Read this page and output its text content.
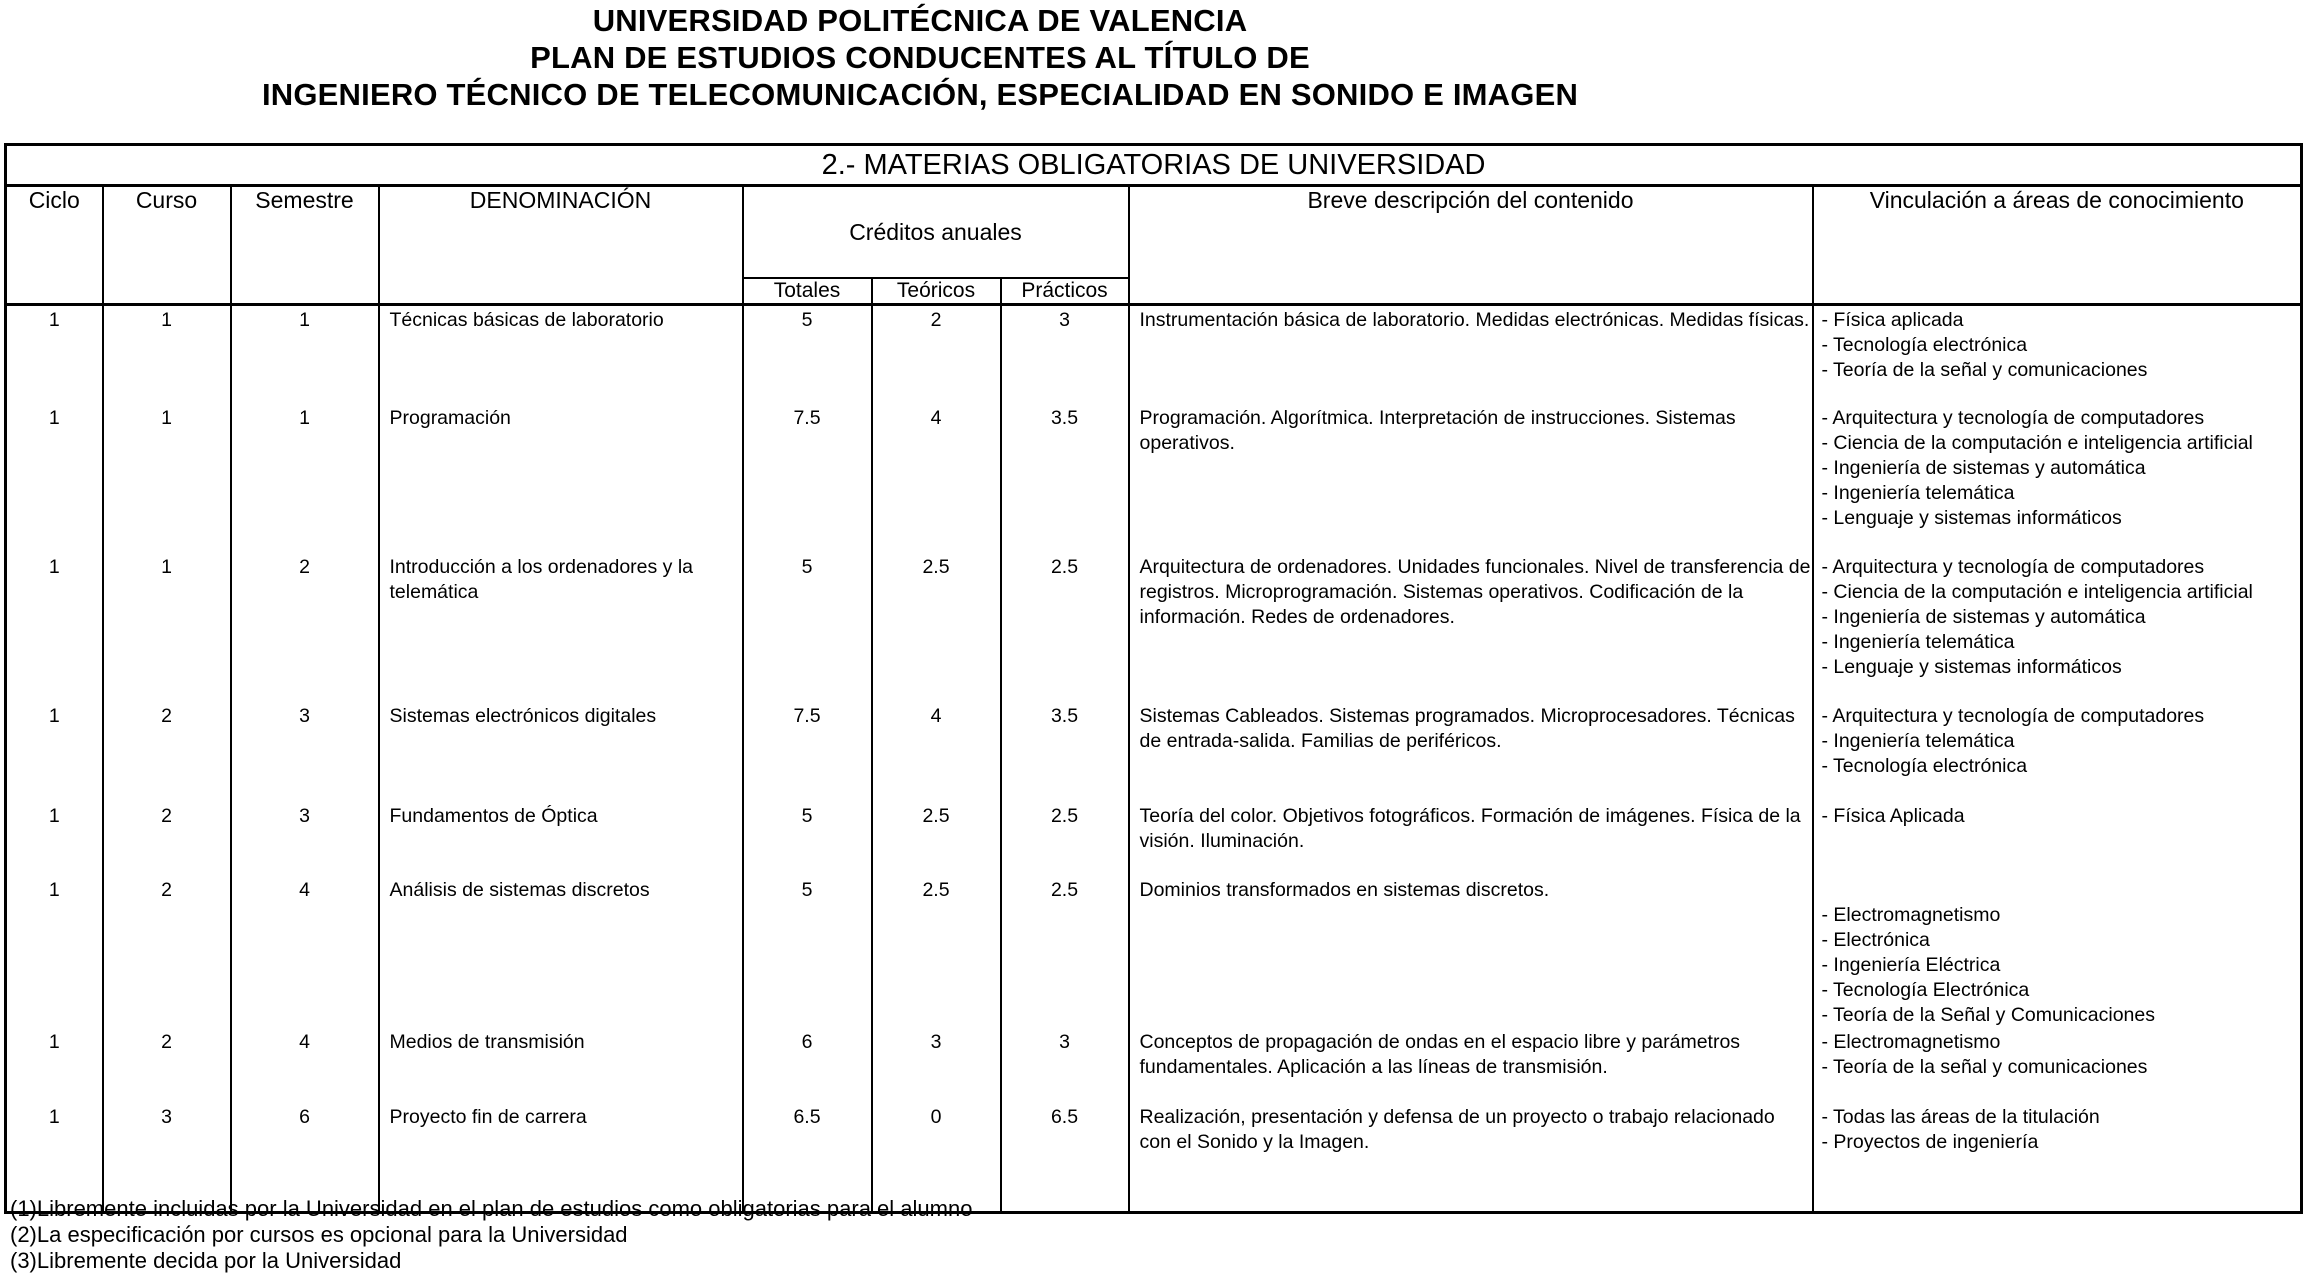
UNIVERSIDAD POLITÉCNICA DE VALENCIA
PLAN DE ESTUDIOS CONDUCENTES AL TÍTULO DE
INGENIERO TÉCNICO DE TELECOMUNICACIÓN, ESPECIALIDAD EN SONIDO E IMAGEN
2.- MATERIAS OBLIGATORIAS DE UNIVERSIDAD								
Ciclo	Curso	Semestre	DENOMINACIÓN	Créditos anuales			Breve descripción del contenido	Vinculación a áreas de conocimiento
				Totales	Teóricos	Prácticos		
1	1	1	Técnicas básicas de laboratorio	5	2	3	Instrumentación básica de laboratorio. Medidas electrónicas. Medidas físicas.	- Física aplicada
- Tecnología electrónica
- Teoría de la señal y comunicaciones

1	1	1	Programación	7.5	4	3.5	Programación. Algorítmica. Interpretación de instrucciones. Sistemas operativos.	- Arquitectura y tecnología de computadores
- Ciencia de la computación e inteligencia artificial
- Ingeniería de sistemas y automática
- Ingeniería telemática
- Lenguaje y sistemas informáticos

1	1	2	Introducción a los ordenadores y la telemática	5	2.5	2.5	Arquitectura de ordenadores. Unidades funcionales. Nivel de transferencia de registros. Microprogramación. Sistemas operativos. Codificación de la información. Redes de ordenadores.	- Arquitectura y tecnología de computadores
- Ciencia de la computación e inteligencia artificial
- Ingeniería de sistemas y automática
- Ingeniería telemática
- Lenguaje y sistemas informáticos

1	2	3	Sistemas electrónicos digitales	7.5	4	3.5	Sistemas Cableados. Sistemas programados. Microprocesadores. Técnicas de entrada-salida. Familias de periféricos.	- Arquitectura y tecnología de computadores
- Ingeniería telemática
- Tecnología electrónica

1	2	3	Fundamentos de Óptica	5	2.5	2.5	Teoría del color. Objetivos fotográficos. Formación de imágenes. Física de la visión. Iluminación.	- Física Aplicada

1	2	4	Análisis de sistemas discretos	5	2.5	2.5	Dominios transformados en sistemas discretos.	- Electromagnetismo
- Electrónica
- Ingeniería Eléctrica
- Tecnología Electrónica
- Teoría de la Señal y Comunicaciones

1	2	4	Medios de transmisión	6	3	3	Conceptos de propagación de ondas en el espacio libre y parámetros fundamentales. Aplicación a las líneas de transmisión.	- Electromagnetismo
- Teoría de la señal y comunicaciones

1	3	6	Proyecto fin de carrera	6.5	0	6.5	Realización, presentación y defensa de un proyecto o trabajo relacionado con el Sonido y la Imagen.	- Todas las áreas de la titulación
- Proyectos de ingeniería
(1)Libremente incluidas por la Universidad en el plan de estudios como obligatorias para el alumno
(2)La especificación por cursos es opcional para la Universidad
(3)Libremente decida por la Universidad
